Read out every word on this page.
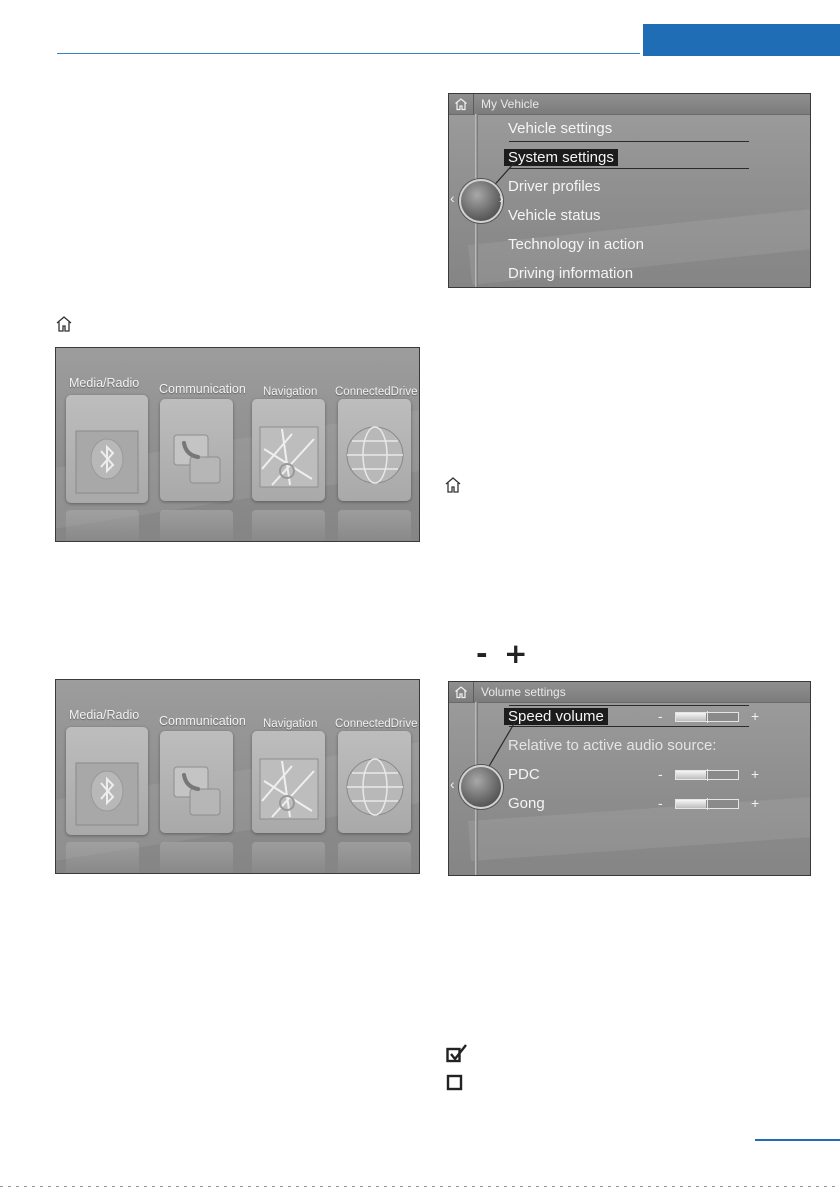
- +
Media/Radio Communication Navigation ConnectedDrive
Media/Radio Communication Navigation ConnectedDrive
My Vehicle
Vehicle settings
System settings
Driver profiles
Vehicle status
Technology in action
Driving information
‹	›
Volume settings
Speed volume	-	+
Relative to active audio source:
PDC	-	+
Gong	-	+
‹
